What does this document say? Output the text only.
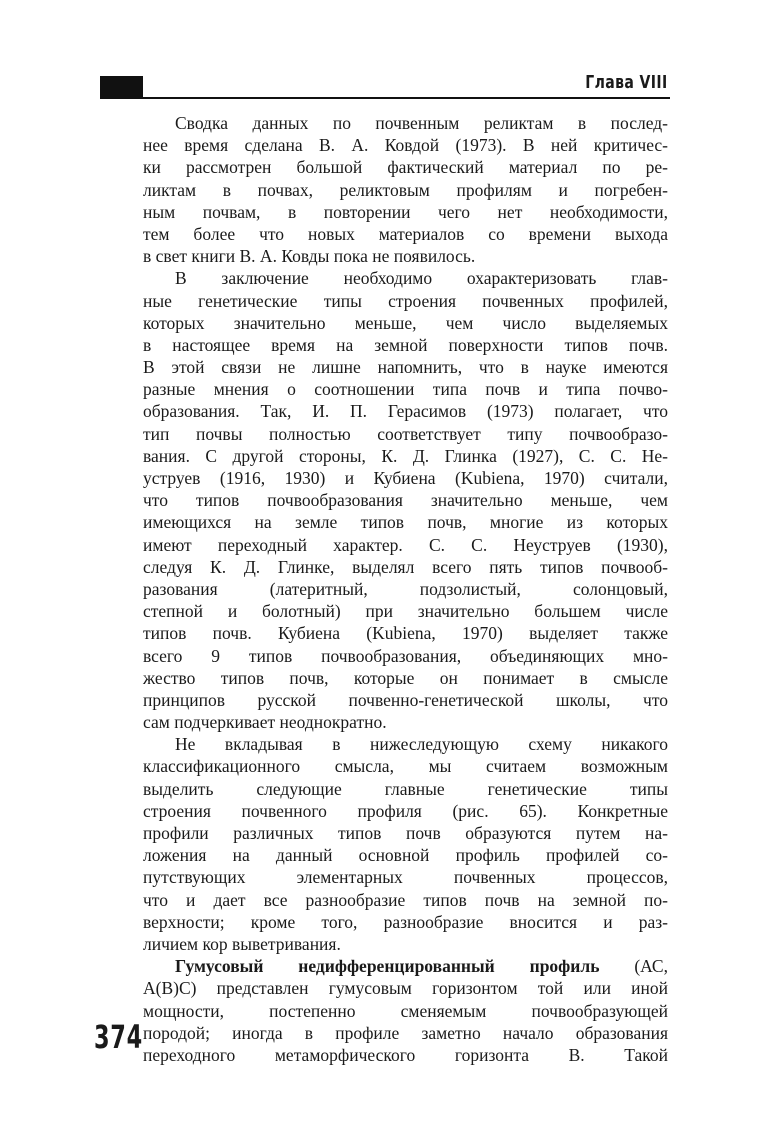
Глава VIII
Сводка данных по почвенным реликтам в послед-
нее время сделана В. А. Ковдой (1973). В ней критичес-
ки рассмотрен большой фактический материал по ре-
ликтам в почвах, реликтовым профилям и погребен-
ным почвам, в повторении чего нет необходимости,
тем более что новых материалов со времени выхода
в свет книги В. А. Ковды пока не появилось.
В заключение необходимо охарактеризовать глав-
ные генетические типы строения почвенных профилей,
которых значительно меньше, чем число выделяемых
в настоящее время на земной поверхности типов почв.
В этой связи не лишне напомнить, что в науке имеются
разные мнения о соотношении типа почв и типа почво-
образования. Так, И. П. Герасимов (1973) полагает, что
тип почвы полностью соответствует типу почвообразо-
вания. С другой стороны, К. Д. Глинка (1927), С. С. Не-
уструев (1916, 1930) и Кубиена (Kubiena, 1970) считали,
что типов почвообразования значительно меньше, чем
имеющихся на земле типов почв, многие из которых
имеют переходный характер. С. С. Неуструев (1930),
следуя К. Д. Глинке, выделял всего пять типов почвооб-
разования (латеритный, подзолистый, солонцовый,
степной и болотный) при значительно большем числе
типов почв. Кубиена (Kubiena, 1970) выделяет также
всего 9 типов почвообразования, объединяющих мно-
жество типов почв, которые он понимает в смысле
принципов русской почвенно-генетической школы, что
сам подчеркивает неоднократно.
Не вкладывая в нижеследующую схему никакого
классификационного смысла, мы считаем возможным
выделить следующие главные генетические типы
строения почвенного профиля (рис. 65). Конкретные
профили различных типов почв образуются путем на-
ложения на данный основной профиль профилей со-
путствующих элементарных почвенных процессов,
что и дает все разнообразие типов почв на земной по-
верхности; кроме того, разнообразие вносится и раз-
личием кор выветривания.
Гумусовый недифференцированный профиль (АС,
А(В)С) представлен гумусовым горизонтом той или иной
мощности, постепенно сменяемым почвообразующей
породой; иногда в профиле заметно начало образования
переходного метаморфического горизонта В. Такой
374
